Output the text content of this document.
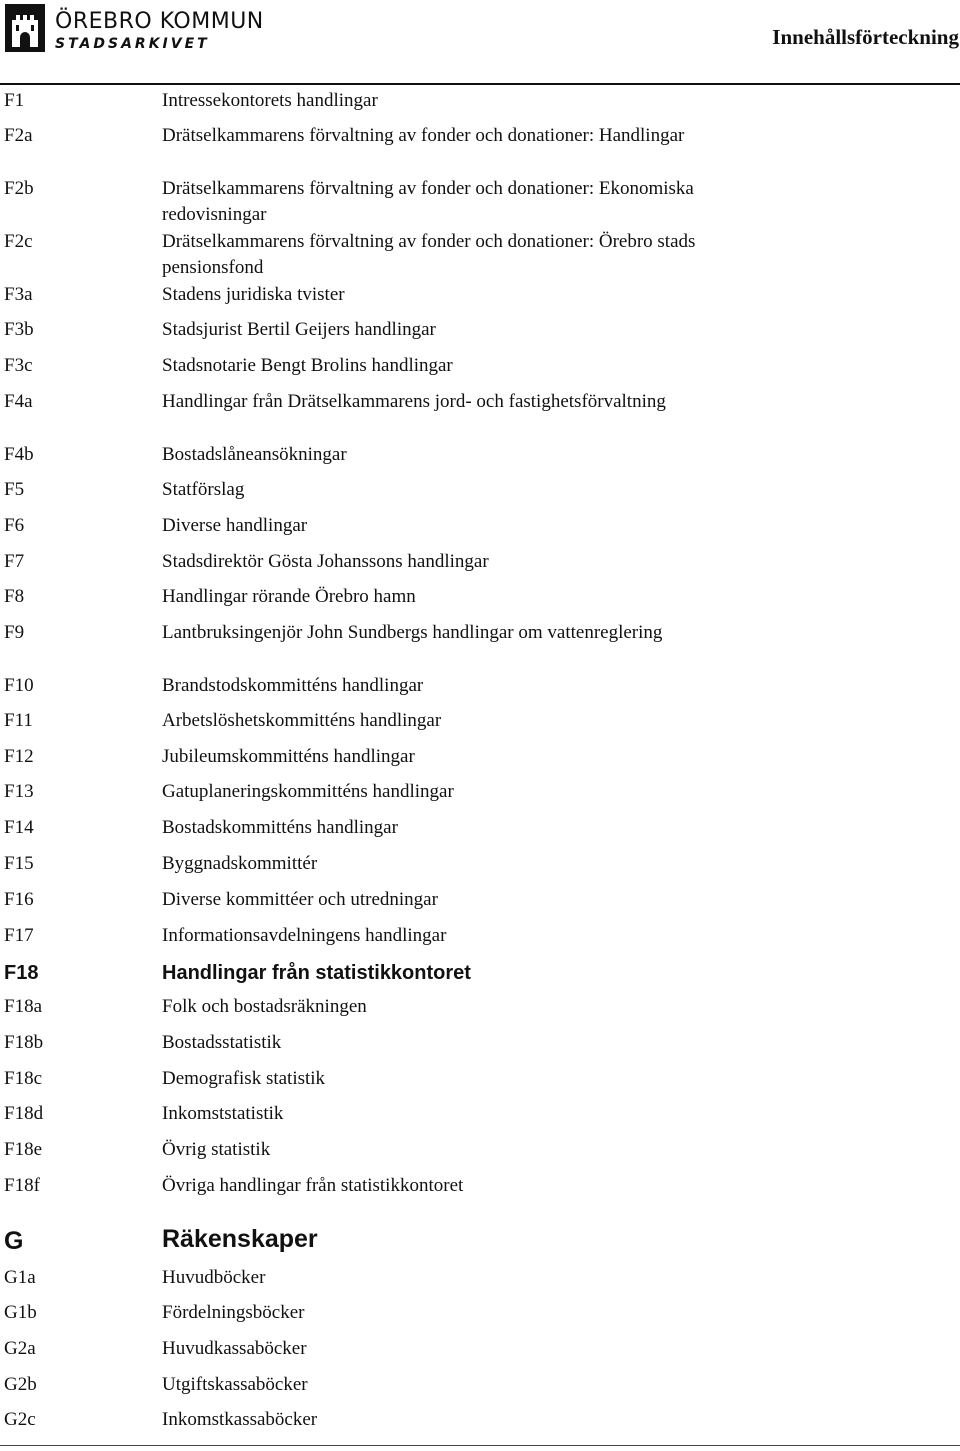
ÖREBRO KOMMUN
STADSARKIVET	Innehållsförteckning
F1	Intressekontorets handlingar
F2a	Drätselkammarens förvaltning av fonder och donationer: Handlingar
F2b	Drätselkammarens förvaltning av fonder och donationer: Ekonomiska redovisningar
F2c	Drätselkammarens förvaltning av fonder och donationer: Örebro stads pensionsfond
F3a	Stadens juridiska tvister
F3b	Stadsjurist Bertil Geijers handlingar
F3c	Stadsnotarie Bengt Brolins handlingar
F4a	Handlingar från Drätselkammarens jord- och fastighetsförvaltning
F4b	Bostadslåneansökningar
F5	Statförslag
F6	Diverse handlingar
F7	Stadsdirektör Gösta Johanssons handlingar
F8	Handlingar rörande Örebro hamn
F9	Lantbruksingenjör John Sundbergs handlingar om vattenreglering
F10	Brandstodskommitténs handlingar
F11	Arbetslöshetskommitténs handlingar
F12	Jubileumskommitténs handlingar
F13	Gatuplaneringskommitténs handlingar
F14	Bostadskommitténs handlingar
F15	Byggnadskommittér
F16	Diverse kommittéer och utredningar
F17	Informationsavdelningens handlingar
F18	Handlingar från statistikkontoret
F18a	Folk och bostadsräkningen
F18b	Bostadsstatistik
F18c	Demografisk statistik
F18d	Inkomststatistik
F18e	Övrig statistik
F18f	Övriga handlingar från statistikkontoret
G	Räkenskaper
G1a	Huvudböcker
G1b	Fördelningsböcker
G2a	Huvudkassaböcker
G2b	Utgiftskassaböcker
G2c	Inkomstkassaböcker
